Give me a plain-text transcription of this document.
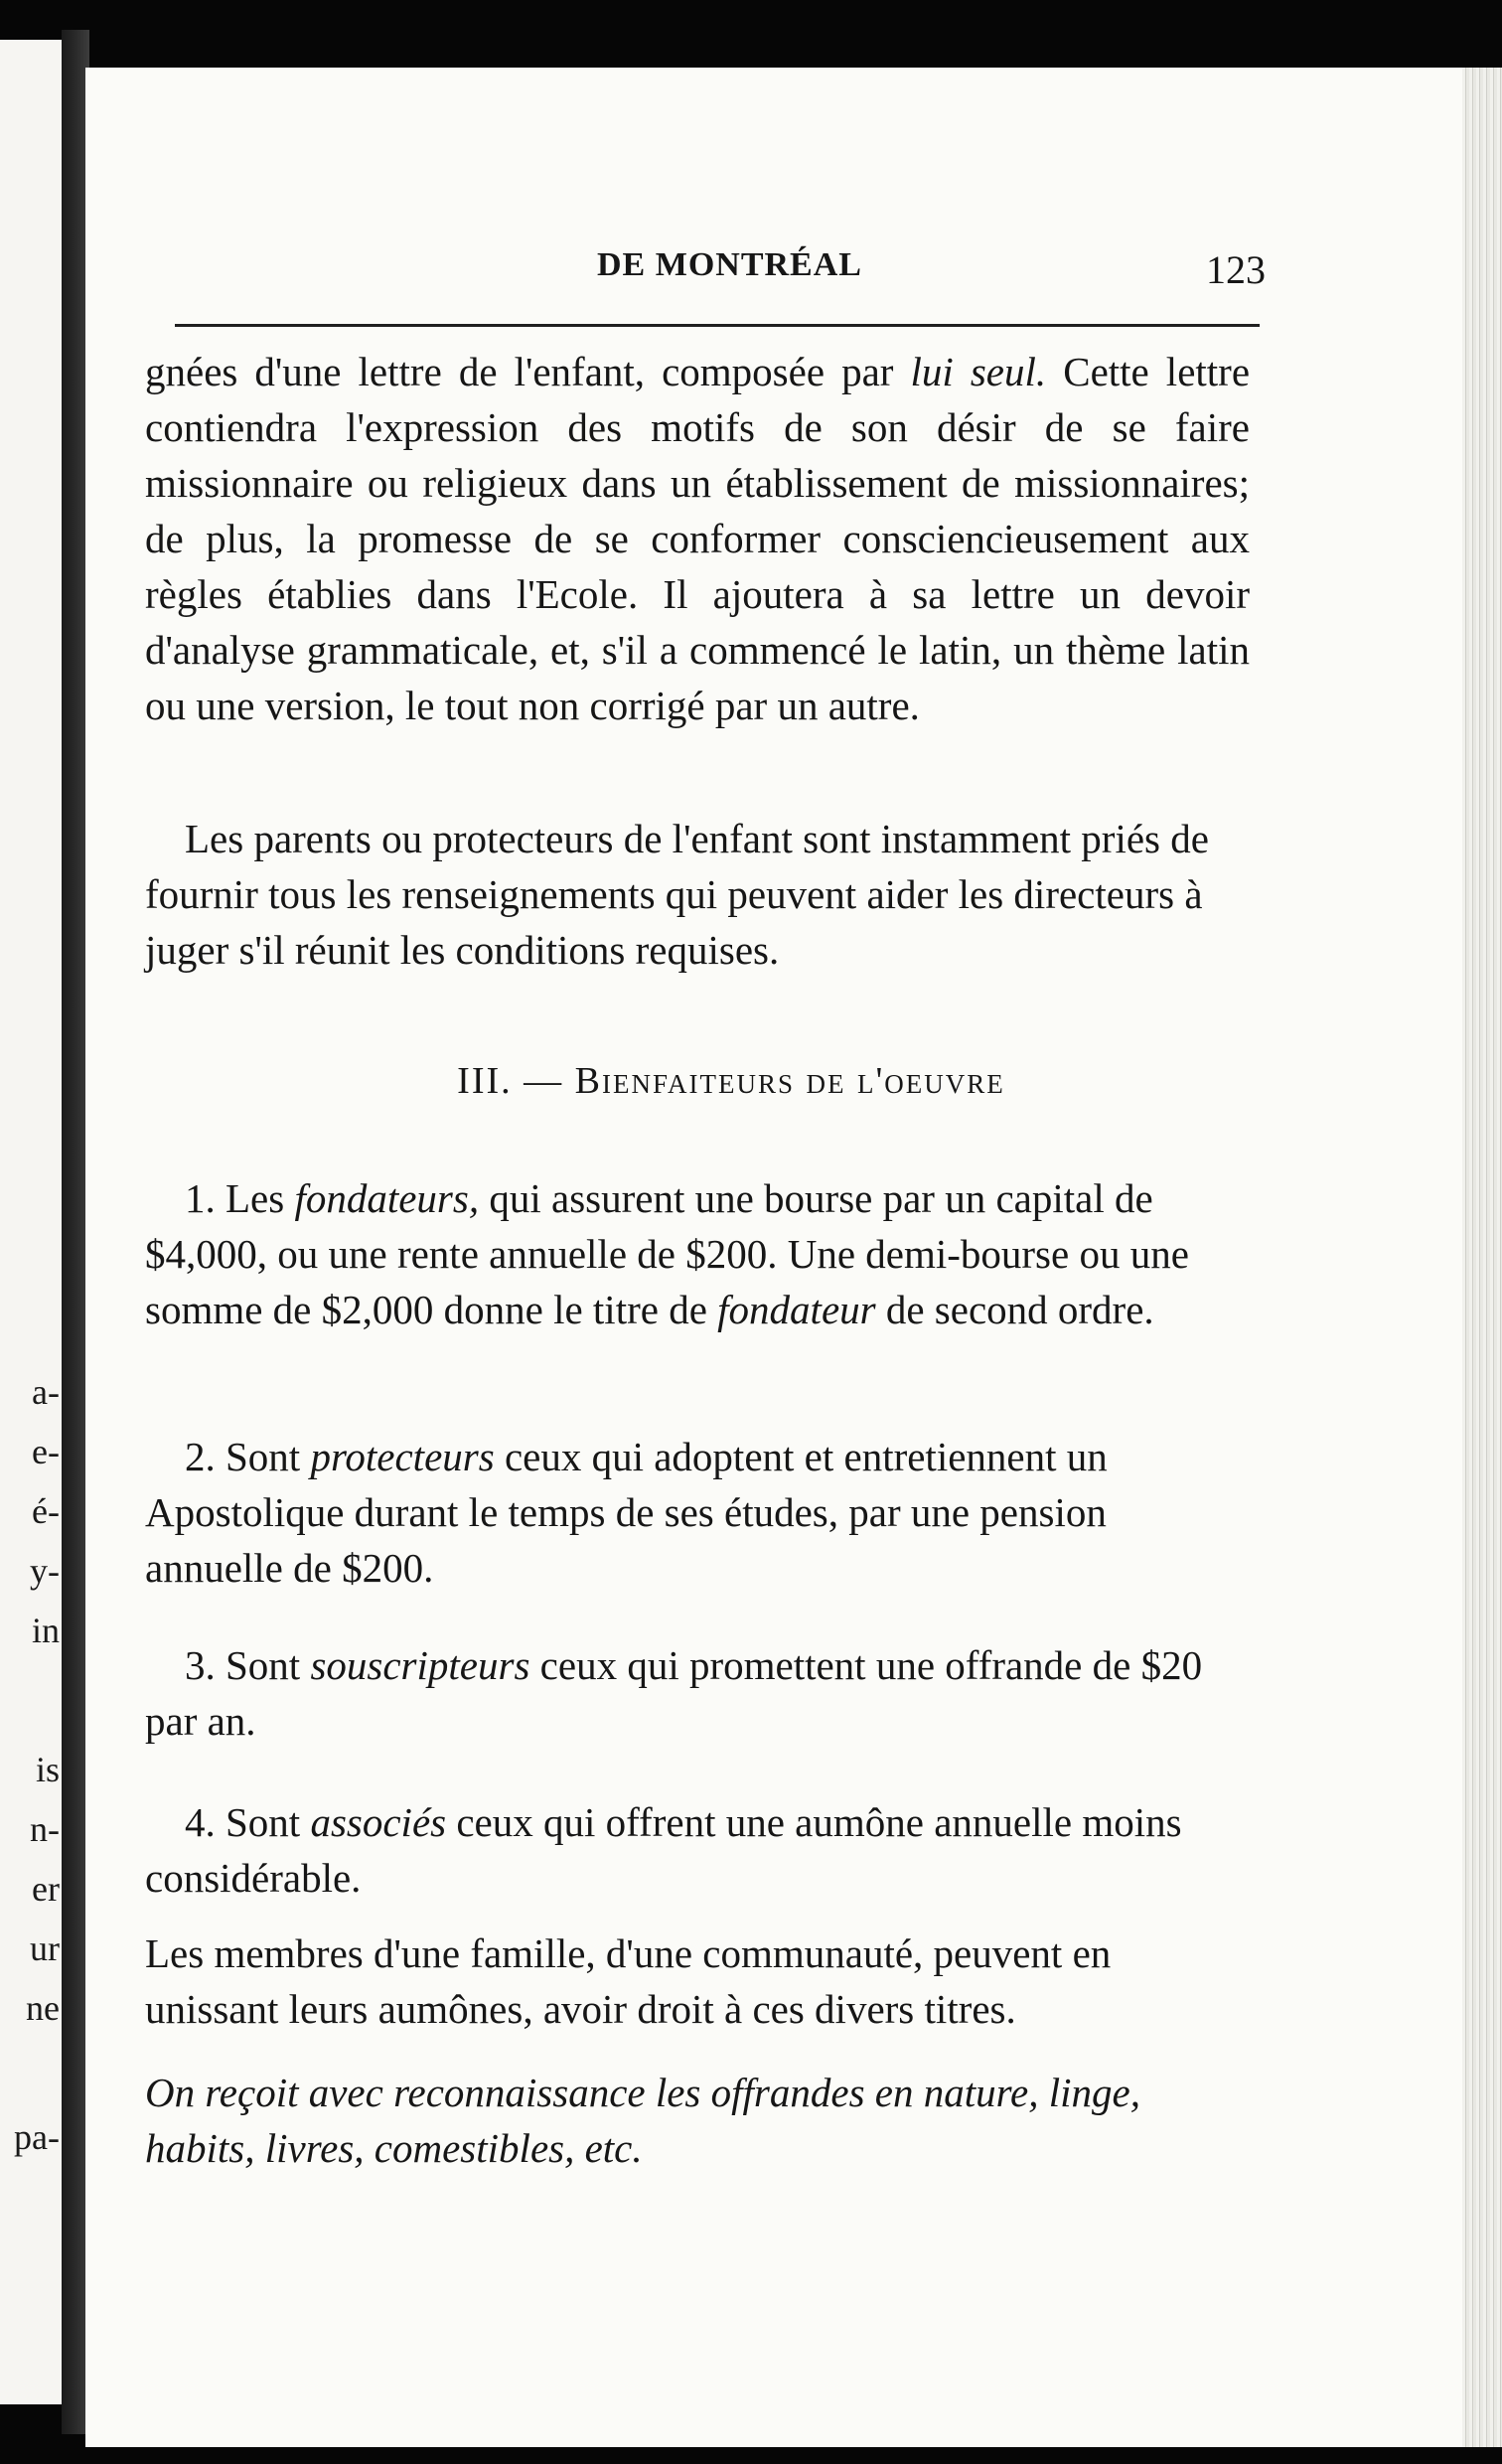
a-
e-
é-
y-
in
is
n-
er
ur
ne
pa-
DE MONTRÉAL	123

gnées d'une lettre de l'enfant, composée par lui seul. Cette lettre contiendra l'expression des motifs de son désir de se faire missionnaire ou religieux dans un établissement de missionnaires; de plus, la promesse de se conformer consciencieusement aux règles établies dans l'Ecole. Il ajoutera à sa lettre un devoir d'analyse grammaticale, et, s'il a commencé le latin, un thème latin ou une version, le tout non corrigé par un autre.

Les parents ou protecteurs de l'enfant sont instamment priés de fournir tous les renseignements qui peuvent aider les directeurs à juger s'il réunit les conditions requises.

III. — Bienfaiteurs de l'oeuvre

1. Les fondateurs, qui assurent une bourse par un capital de $4,000, ou une rente annuelle de $200. Une demi-bourse ou une somme de $2,000 donne le titre de fondateur de second ordre.

2. Sont protecteurs ceux qui adoptent et entretiennent un Apostolique durant le temps de ses études, par une pension annuelle de $200.

3. Sont souscripteurs ceux qui promettent une offrande de $20 par an.

4. Sont associés ceux qui offrent une aumône annuelle moins considérable.

Les membres d'une famille, d'une communauté, peuvent en unissant leurs aumônes, avoir droit à ces divers titres.

On reçoit avec reconnaissance les offrandes en nature, linge, habits, livres, comestibles, etc.
